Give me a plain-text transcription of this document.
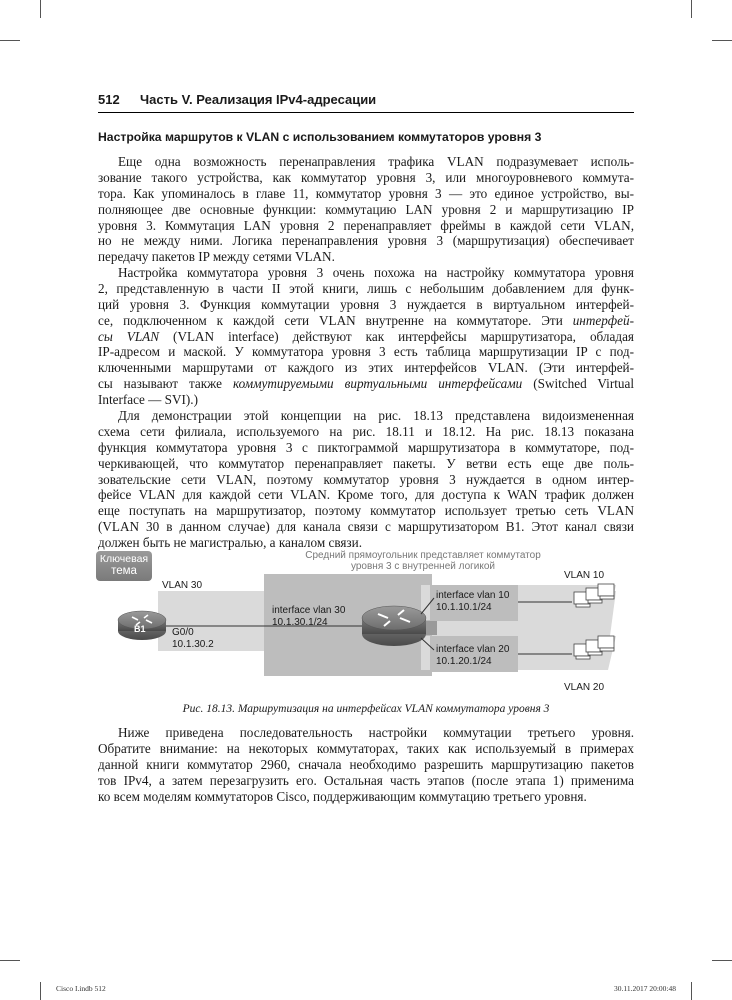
512 Часть V. Реализация IPv4-адресации
Настройка маршрутов к VLAN с использованием коммутаторов уровня 3
Еще одна возможность перенаправления трафика VLAN подразумевает исполь-
зование такого устройства, как коммутатор уровня 3, или многоуровневого коммута-
тора. Как упоминалось в главе 11, коммутатор уровня 3 — это единое устройство, вы-
полняющее две основные функции: коммутацию LAN уровня 2 и маршрутизацию IP
уровня 3. Коммутация LAN уровня 2 перенаправляет фреймы в каждой сети VLAN,
но не между ними. Логика перенаправления уровня 3 (маршрутизация) обеспечивает
передачу пакетов IP между сетями VLAN.
Настройка коммутатора уровня 3 очень похожа на настройку коммутатора уровня
2, представленную в части II этой книги, лишь с небольшим добавлением для функ-
ций уровня 3. Функция коммутации уровня 3 нуждается в виртуальном интерфей-
се, подключенном к каждой сети VLAN внутренне на коммутаторе. Эти интерфей-
сы VLAN (VLAN interface) действуют как интерфейсы маршрутизатора, обладая
IP-адресом и маской. У коммутатора уровня 3 есть таблица маршрутизации IP с под-
ключенными маршрутами от каждого из этих интерфейсов VLAN. (Эти интерфей-
сы называют также коммутируемыми виртуальными интерфейсами (Switched Virtual
Interface — SVI).)
Для демонстрации этой концепции на рис. 18.13 представлена видоизмененная
схема сети филиала, используемого на рис. 18.11 и 18.12. На рис. 18.13 показана
функция коммутатора уровня 3 с пиктограммой маршрутизатора в коммутаторе, под-
черкивающей, что коммутатор перенаправляет пакеты. У ветви есть еще две поль-
зовательские сети VLAN, поэтому коммутатор уровня 3 нуждается в одном интер-
фейсе VLAN для каждой сети VLAN. Кроме того, для доступа к WAN трафик должен
еще поступать на маршрутизатор, поэтому коммутатор использует третью сеть VLAN
(VLAN 30 в данном случае) для канала связи с маршрутизатором B1. Этот канал связи
должен быть не магистралью, а каналом связи.
Ключевая
тема
Средний прямоугольник представляет коммутатор
уровня 3 с внутренней логикой
VLAN 30
VLAN 10
VLAN 20
B1	G0/0
10.1.30.2
interface vlan 30
10.1.30.1/24
interface vlan 10
10.1.10.1/24
interface vlan 20
10.1.20.1/24
Рис. 18.13. Маршрутизация на интерфейсах VLAN коммутатора уровня 3
Ниже приведена последовательность настройки коммутации третьего уровня.
Обратите внимание: на некоторых коммутаторах, таких как используемый в примерах
данной книги коммутатор 2960, сначала необходимо разрешить маршрутизацию пакетов
тов IPv4, а затем перезагрузить его. Остальная часть этапов (после этапа 1) применима
ко всем моделям коммутаторов Cisco, поддерживающим коммутацию третьего уровня.
Cisco I.indb 512	30.11.2017 20:00:48
